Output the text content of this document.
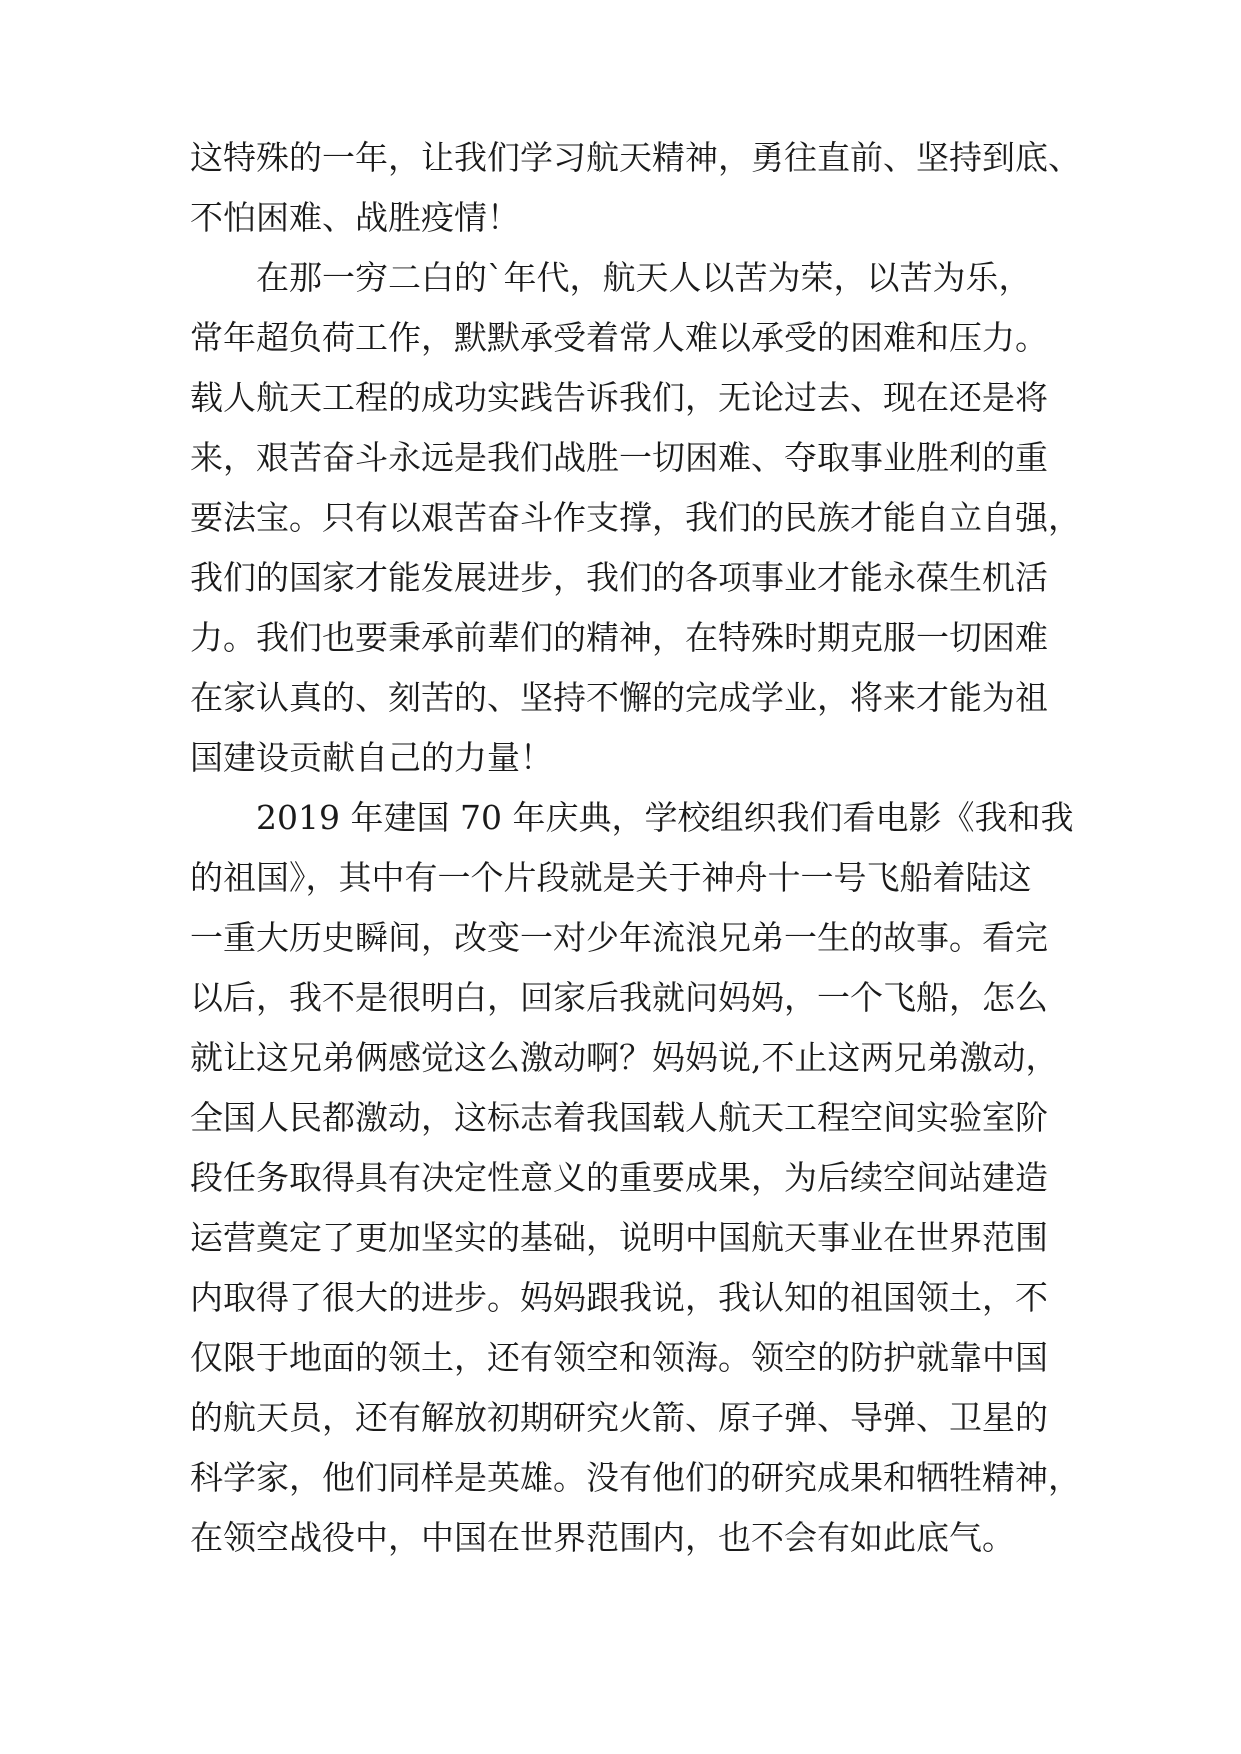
这特殊的一年，让我们学习航天精神，勇往直前、坚持到底、
不怕困难、战胜疫情！
在那一穷二白的`年代，航天人以苦为荣，以苦为乐，
常年超负荷工作，默默承受着常人难以承受的困难和压力。
载人航天工程的成功实践告诉我们，无论过去、现在还是将
来，艰苦奋斗永远是我们战胜一切困难、夺取事业胜利的重
要法宝。只有以艰苦奋斗作支撑，我们的民族才能自立自强，
我们的国家才能发展进步，我们的各项事业才能永葆生机活
力。我们也要秉承前辈们的精神，在特殊时期克服一切困难
在家认真的、刻苦的、坚持不懈的完成学业，将来才能为祖
国建设贡献自己的力量！
2019 年建国 70 年庆典，学校组织我们看电影《我和我
的祖国》，其中有一个片段就是关于神舟十一号飞船着陆这
一重大历史瞬间，改变一对少年流浪兄弟一生的故事。看完
以后，我不是很明白，回家后我就问妈妈，一个飞船，怎么
就让这兄弟俩感觉这么激动啊？妈妈说,不止这两兄弟激动，
全国人民都激动，这标志着我国载人航天工程空间实验室阶
段任务取得具有决定性意义的重要成果，为后续空间站建造
运营奠定了更加坚实的基础，说明中国航天事业在世界范围
内取得了很大的进步。妈妈跟我说，我认知的祖国领土，不
仅限于地面的领土，还有领空和领海。领空的防护就靠中国
的航天员，还有解放初期研究火箭、原子弹、导弹、卫星的
科学家，他们同样是英雄。没有他们的研究成果和牺牲精神，
在领空战役中，中国在世界范围内，也不会有如此底气。
